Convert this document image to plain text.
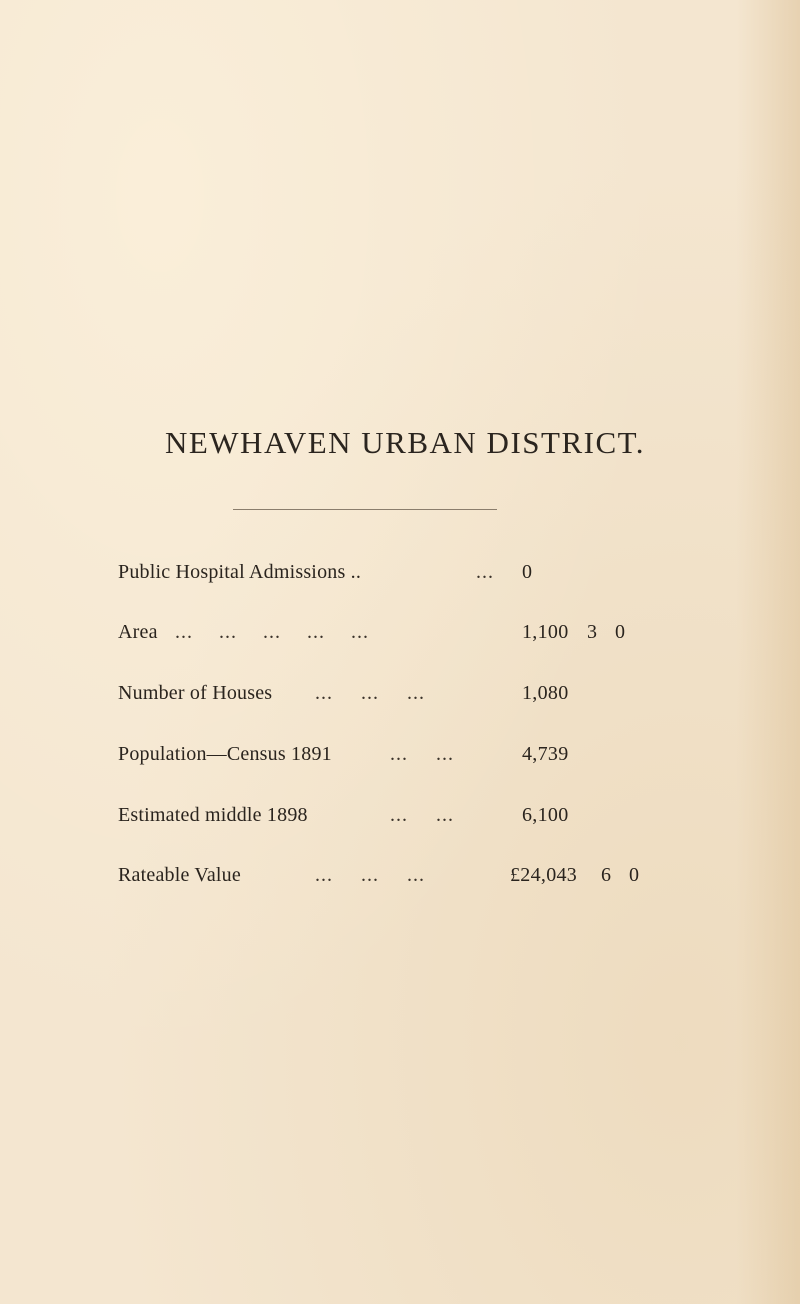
NEWHAVEN URBAN DISTRICT.
Public Hospital Admissions ..	... 0
Area ... ... ... ... ...	1,100 3 0
Number of Houses ... ... ...	1,080
Population—Census 1891	... ...	4,739
Estimated middle 1898	... ...	6,100
Rateable Value	... ... ...	£24,043 6 0
